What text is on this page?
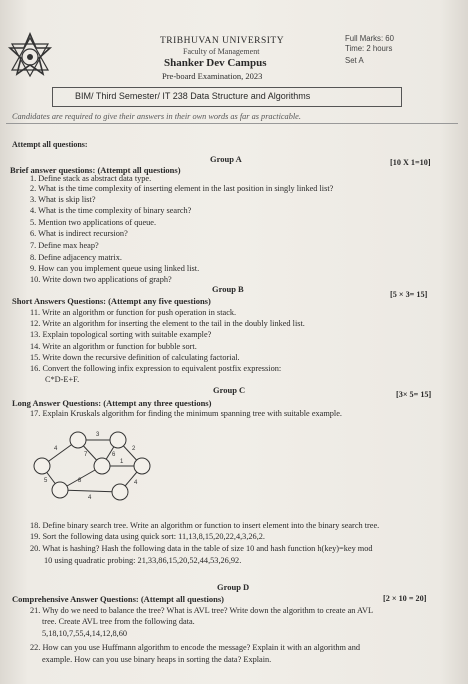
TRIBHUVAN UNIVERSITY
Faculty of Management
Shanker Dev Campus
Pre-board Examination, 2023
Full Marks: 60
Time: 2 hours
Set A
BIM/ Third Semester/ IT 238 Data Structure and Algorithms
Candidates are required to give their answers in their own words as far as practicable.
Attempt all questions:
Group A
Brief answer questions: (Attempt all questions)
[10 X 1=10]
1. Define stack as abstract data type.
2. What is the time complexity of inserting element in the last position in singly linked list?
3. What is skip list?
4. What is the time complexity of binary search?
5. Mention two applications of queue.
6. What is indirect recursion?
7. Define max heap?
8. Define adjacency matrix.
9. How can you implement queue using linked list.
10. Write down two applications of graph?
Group B
Short Answers Questions: (Attempt any five questions)
[5 × 3= 15]
11. Write an algorithm or function for push operation in stack.
12. Write an algorithm for inserting the element to the tail in the doubly linked list.
13. Explain topological sorting with suitable example?
14. Write an algorithm or function for bubble sort.
15. Write down the recursive definition of calculating factorial.
16. Convert the following infix expression to equivalent postfix expression:
C*D-E+F.
Group C
Long Answer Questions: (Attempt any three questions)
[3× 5= 15]
17. Explain Kruskals algorithm for finding the minimum spanning tree with suitable example.
4
5
3
7	6
2
8
4
1
4
18. Define binary search tree. Write an algorithm or function to insert element into the binary search tree.
19. Sort the following data using quick sort: 11,13,8,15,20,22,4,3,26,2.
20. What is hashing? Hash the following data in the table of size 10 and hash function h(key)=key mod
10 using quadratic probing: 21,33,86,15,20,52,44,53,26,92.
Group D
Comprehensive Answer Questions: (Attempt all questions)	[2 × 10 = 20]
21. Why do we need to balance the tree? What is AVL tree? Write down the algorithm to create an AVL
tree. Create AVL tree from the following data.
5,18,10,7,55,4,14,12,8,60
22. How can you use Huffmann algorithm to encode the message? Explain it with an algorithm and
example. How can you use binary heaps in sorting the data? Explain.
